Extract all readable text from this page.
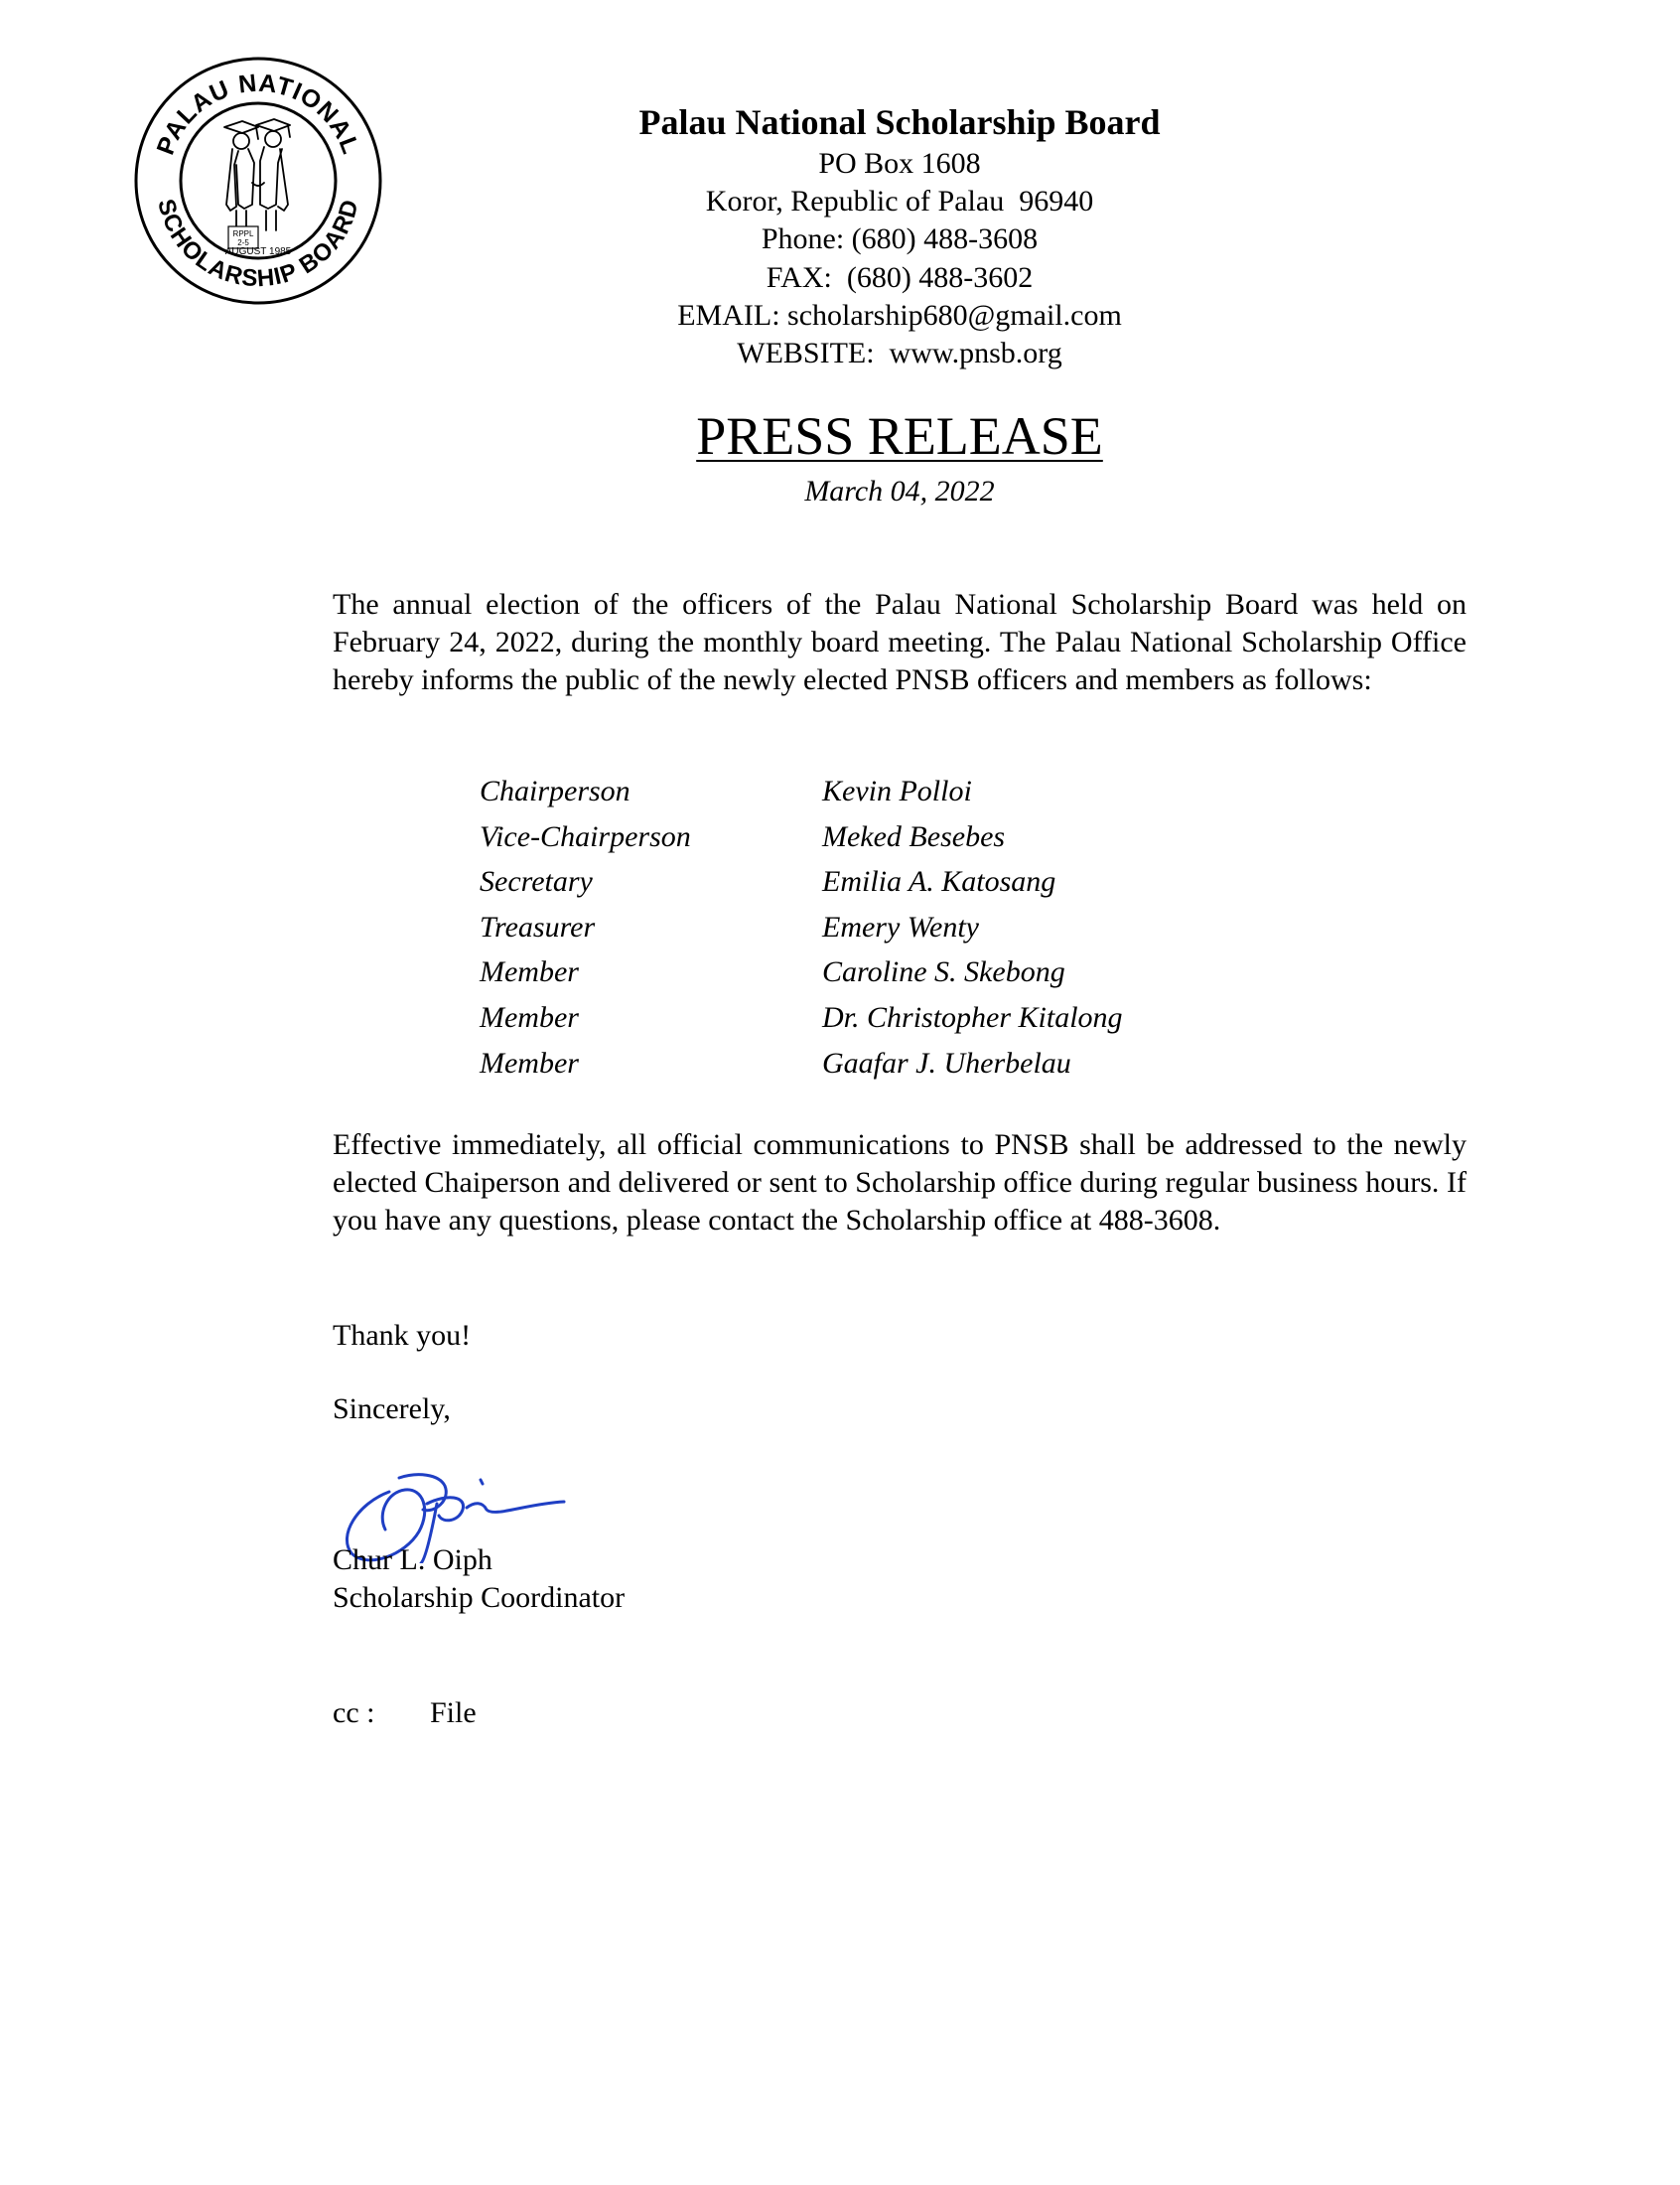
PALAU NATIONAL
SCHOLARSHIP BOARD
RPPL
2-5
AUGUST 1985
Palau National Scholarship Board
PO Box 1608
Koror, Republic of Palau  96940
Phone: (680) 488-3608
FAX:  (680) 488-3602
EMAIL: scholarship680@gmail.com
WEBSITE:  www.pnsb.org
PRESS RELEASE
March 04, 2022

The annual election of the officers of the Palau National Scholarship Board was held on February 24, 2022, during the monthly board meeting. The Palau National Scholarship Office hereby informs the public of the newly elected PNSB officers and members as follows:

Chairperson	Kevin Polloi
Vice-Chairperson	Meked Besebes
Secretary	Emilia A. Katosang
Treasurer	Emery Wenty
Member	Caroline S. Skebong
Member	Dr. Christopher Kitalong
Member	Gaafar J. Uherbelau

Effective immediately, all official communications to PNSB shall be addressed to the newly elected Chaiperson and delivered or sent to Scholarship office during regular business hours. If you have any questions, please contact the Scholarship office at 488-3608.

Thank you!
Sincerely,
Chur L. Oiph
Scholarship Coordinator
cc : File
